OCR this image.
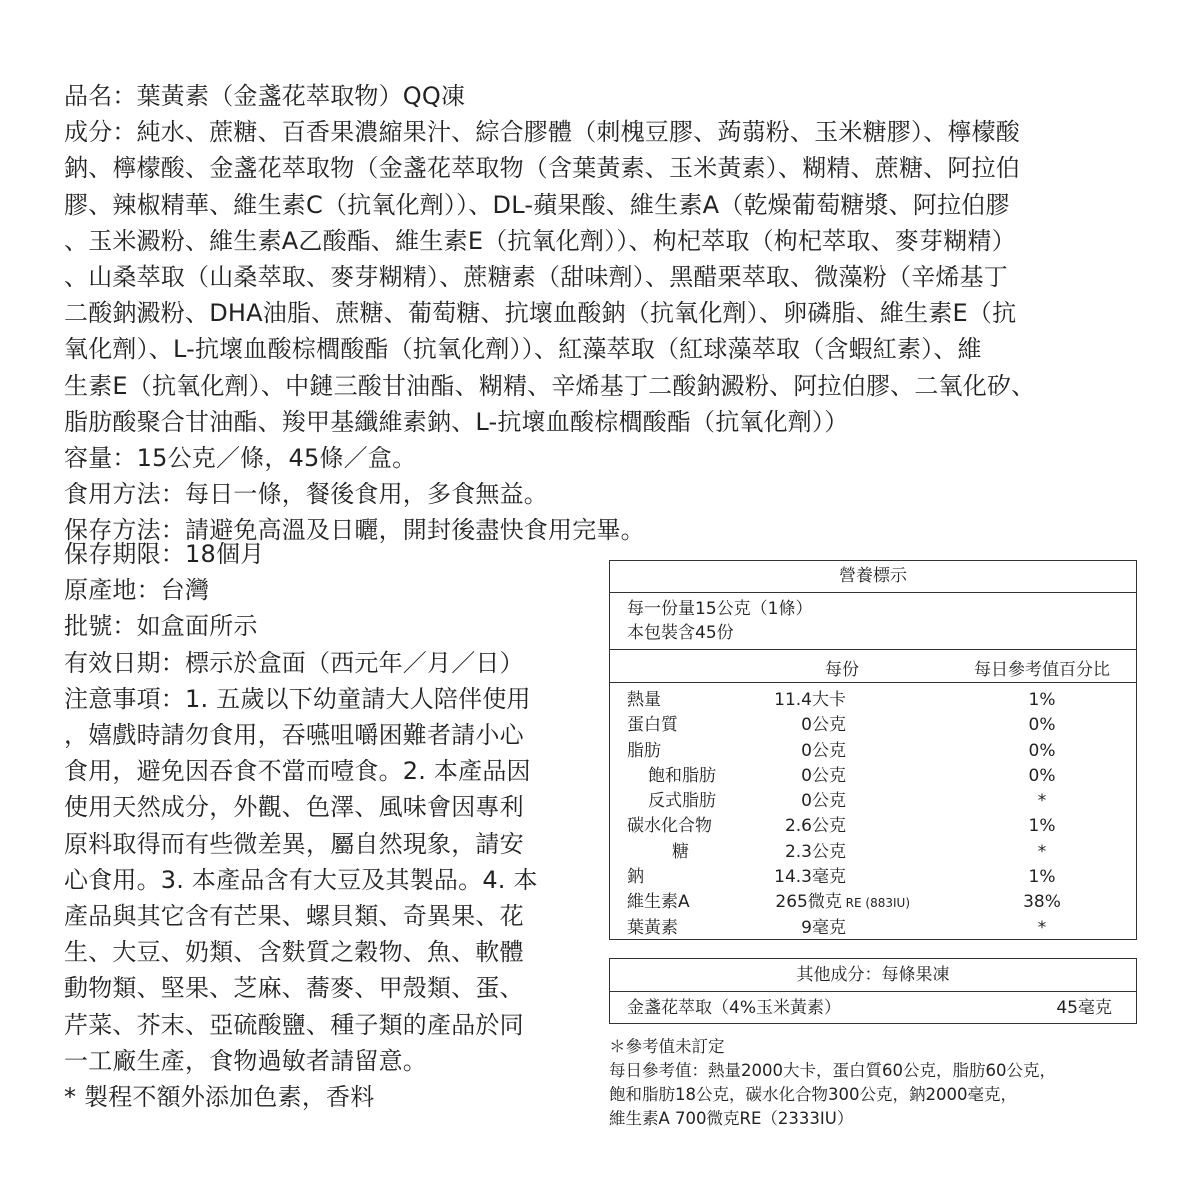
品名：葉黃素（金盞花萃取物）QQ凍

成分：純水、蔗糖、百香果濃縮果汁、綜合膠體（刺槐豆膠、蒟蒻粉、玉米糖膠）、檸檬酸

鈉、檸檬酸、金盞花萃取物（金盞花萃取物（含葉黃素、玉米黃素）、糊精、蔗糖、阿拉伯

膠、辣椒精華、維生素C（抗氧化劑））、DL-蘋果酸、維生素A（乾燥葡萄糖漿、阿拉伯膠

、玉米澱粉、維生素A乙酸酯、維生素E（抗氧化劑））、枸杞萃取（枸杞萃取、麥芽糊精）

、山桑萃取（山桑萃取、麥芽糊精）、蔗糖素（甜味劑）、黑醋栗萃取、微藻粉（辛烯基丁

二酸鈉澱粉、DHA油脂、蔗糖、葡萄糖、抗壞血酸鈉（抗氧化劑）、卵磷脂、維生素E（抗

氧化劑）、L-抗壞血酸棕櫚酸酯（抗氧化劑））、紅藻萃取（紅球藻萃取（含蝦紅素）、維

生素E（抗氧化劑）、中鏈三酸甘油酯、糊精、辛烯基丁二酸鈉澱粉、阿拉伯膠、二氧化矽、

脂肪酸聚合甘油酯、羧甲基纖維素鈉、L-抗壞血酸棕櫚酸酯（抗氧化劑））

容量：15公克／條，45條／盒。

食用方法：每日一條，餐後食用，多食無益。

保存方法：請避免高溫及日曬，開封後盡快食用完畢。

保存期限：18個月

原產地：台灣

批號：如盒面所示

有效日期：標示於盒面（西元年／月／日）

注意事項：1. 五歲以下幼童請大人陪伴使用

，嬉戲時請勿食用，吞嚥咀嚼困難者請小心

食用，避免因吞食不當而噎食。2. 本產品因

使用天然成分，外觀、色澤、風味會因專利

原料取得而有些微差異，屬自然現象，請安

心食用。3. 本產品含有大豆及其製品。4. 本

產品與其它含有芒果、螺貝類、奇異果、花

生、大豆、奶類、含麩質之穀物、魚、軟體

動物類、堅果、芝麻、蕎麥、甲殼類、蛋、

芹菜、芥末、亞硫酸鹽、種子類的產品於同

一工廠生產，食物過敏者請留意。

* 製程不額外添加色素，香料

營養標示
每一份量15公克（1條）
本包裝含45份
每份	每日參考值百分比
熱量	11.4大卡	1%
蛋白質	0公克	0%
脂肪	0公克	0%
飽和脂肪	0公克	0%
反式脂肪	0公克	*
碳水化合物	2.6公克	1%
糖	2.3公克	*
鈉	14.3毫克	1%
維生素A	265微克 RE (883IU)	38%
葉黃素	9毫克	*
其他成分：每條果凍
金盞花萃取（4%玉米黃素）	45毫克
＊參考值未訂定
每日參考值：熱量2000大卡，蛋白質60公克，脂肪60公克，
飽和脂肪18公克，碳水化合物300公克，鈉2000毫克，
維生素A 700微克RE（2333IU）
